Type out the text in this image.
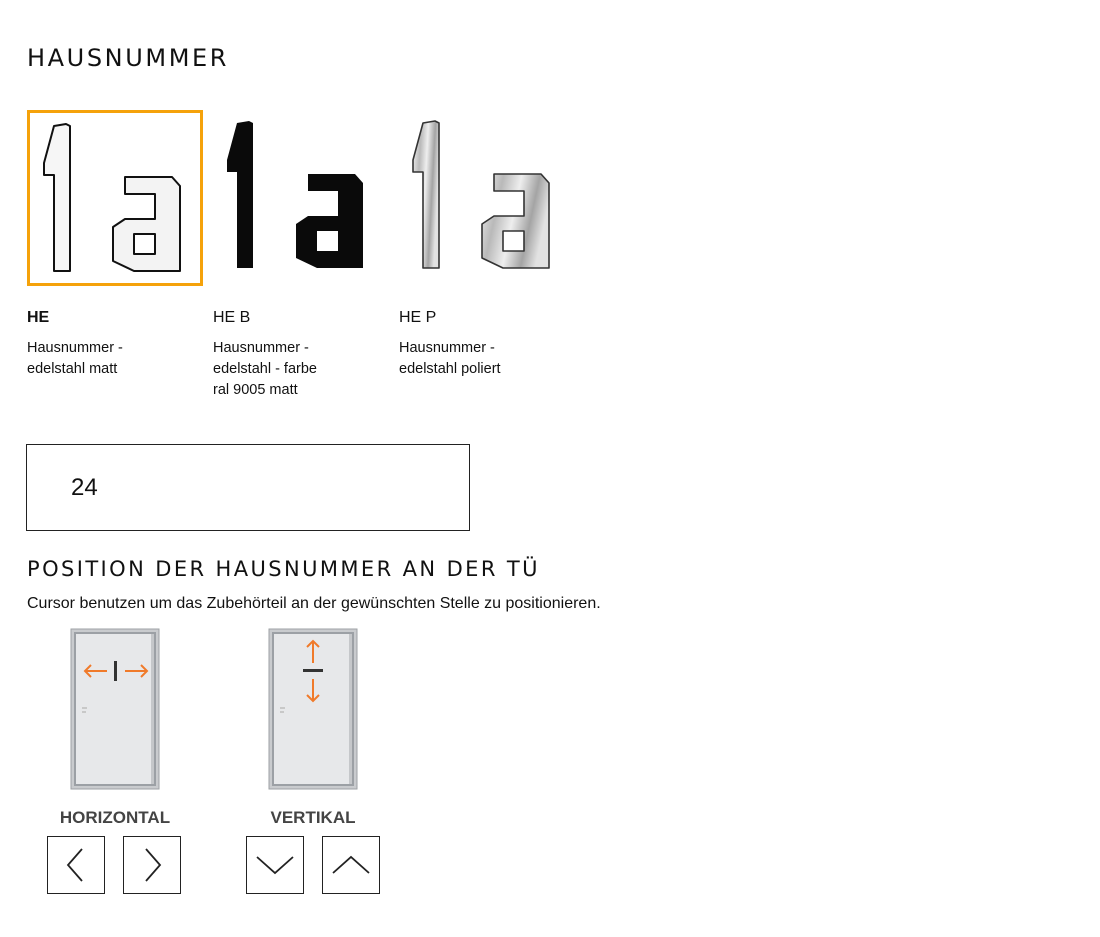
HAUSNUMMER
HE
Hausnummer -
edelstahl matt
HE B
Hausnummer -
edelstahl - farbe
ral 9005 matt
HE P
Hausnummer -
edelstahl poliert
24
POSITION DER HAUSNUMMER AN DER TÜ

Cursor benutzen um das Zubehörteil an der gewünschten Stelle zu positionieren.

HORIZONTAL	VERTIKAL
